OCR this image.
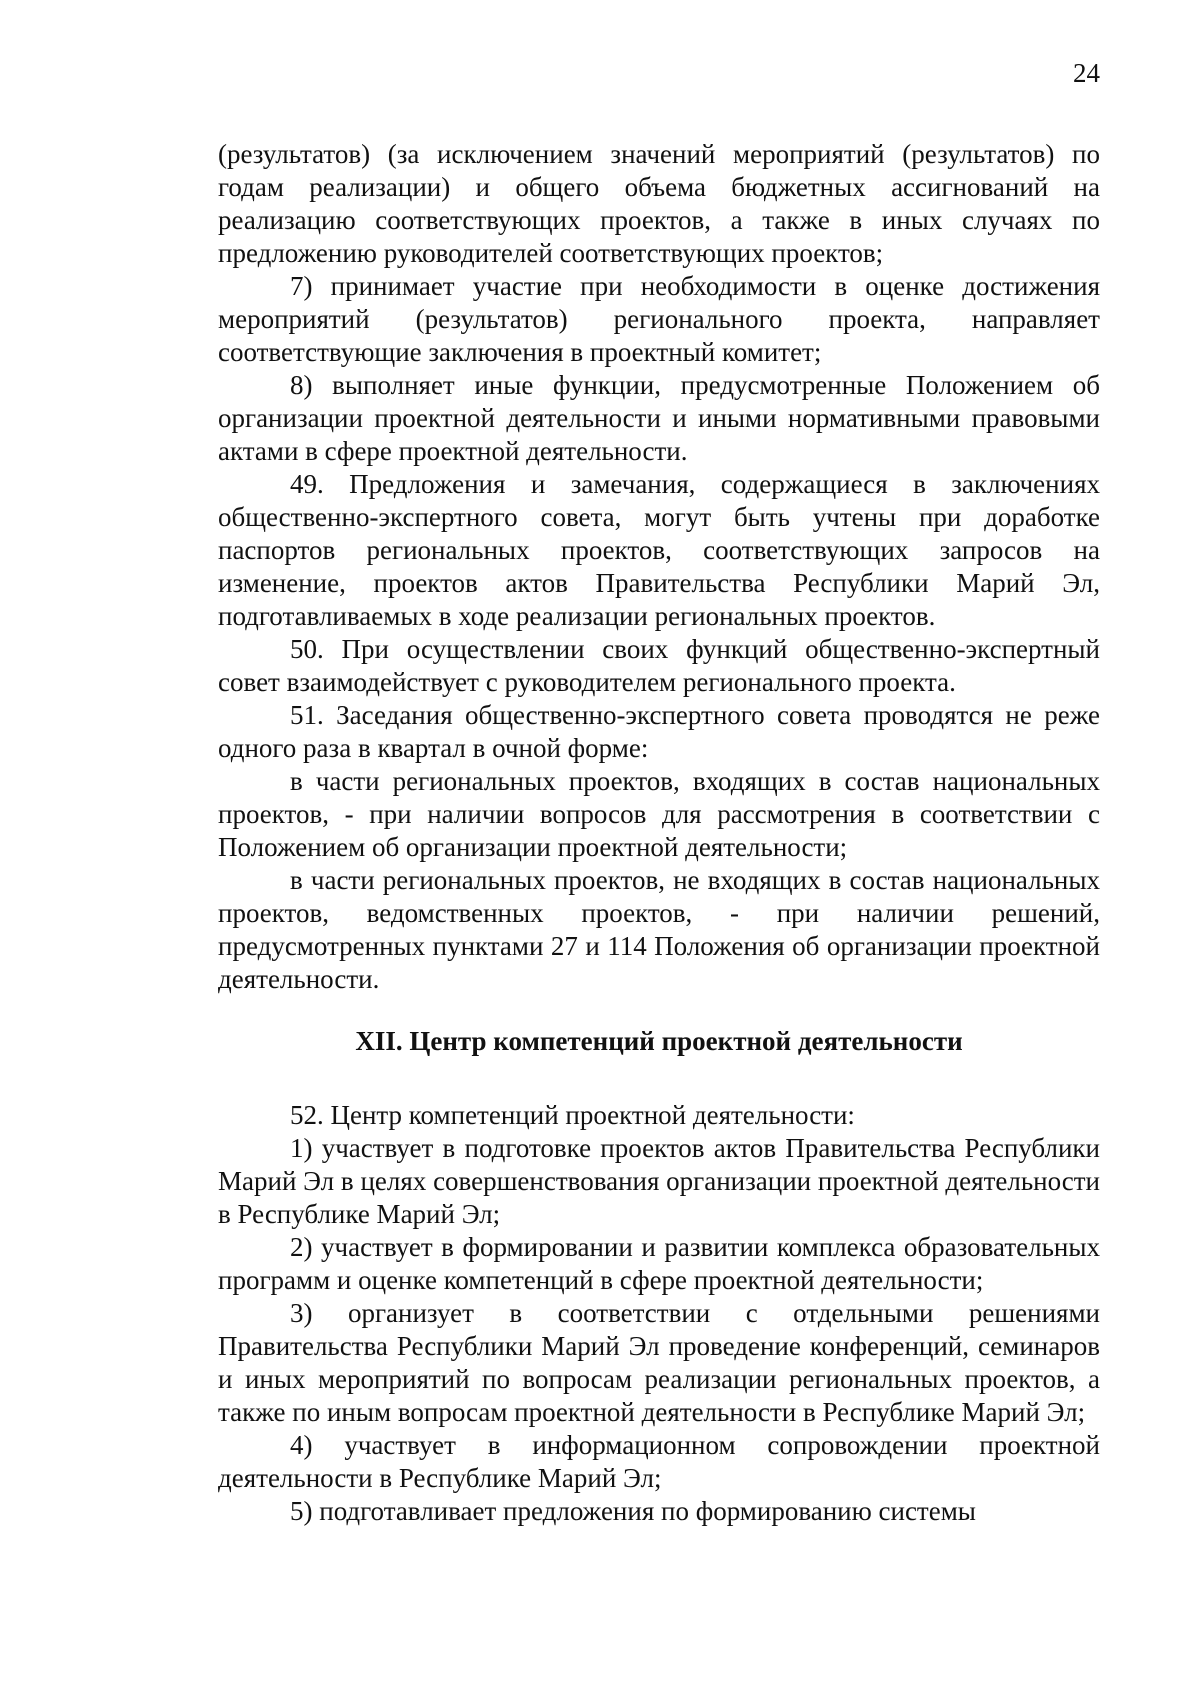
24

(результатов) (за исключением значений мероприятий (результатов) по годам реализации) и общего объема бюджетных ассигнований на реализацию соответствующих проектов, а также в иных случаях по предложению руководителей соответствующих проектов;

7) принимает участие при необходимости в оценке достижения мероприятий (результатов) регионального проекта, направляет соответствующие заключения в проектный комитет;

8) выполняет иные функции, предусмотренные Положением об организации проектной деятельности и иными нормативными правовыми актами в сфере проектной деятельности.

49. Предложения и замечания, содержащиеся в заключениях общественно-экспертного совета, могут быть учтены при доработке паспортов региональных проектов, соответствующих запросов на изменение, проектов актов Правительства Республики Марий Эл, подготавливаемых в ходе реализации региональных проектов.

50. При осуществлении своих функций общественно-экспертный совет взаимодействует с руководителем регионального проекта.

51. Заседания общественно-экспертного совета проводятся не реже одного раза в квартал в очной форме:

в части региональных проектов, входящих в состав национальных проектов, - при наличии вопросов для рассмотрения в соответствии с Положением об организации проектной деятельности;

в части региональных проектов, не входящих в состав национальных проектов, ведомственных проектов, - при наличии решений, предусмотренных пунктами 27 и 114 Положения об организации проектной деятельности.

XII. Центр компетенций проектной деятельности

52. Центр компетенций проектной деятельности:

1) участвует в подготовке проектов актов Правительства Республики Марий Эл в целях совершенствования организации проектной деятельности в Республике Марий Эл;

2) участвует в формировании и развитии комплекса образовательных программ и оценке компетенций в сфере проектной деятельности;

3) организует в соответствии с отдельными решениями Правительства Республики Марий Эл проведение конференций, семинаров и иных мероприятий по вопросам реализации региональных проектов, а также по иным вопросам проектной деятельности в Республике Марий Эл;

4) участвует в информационном сопровождении проектной деятельности в Республике Марий Эл;

5) подготавливает предложения по формированию системы
